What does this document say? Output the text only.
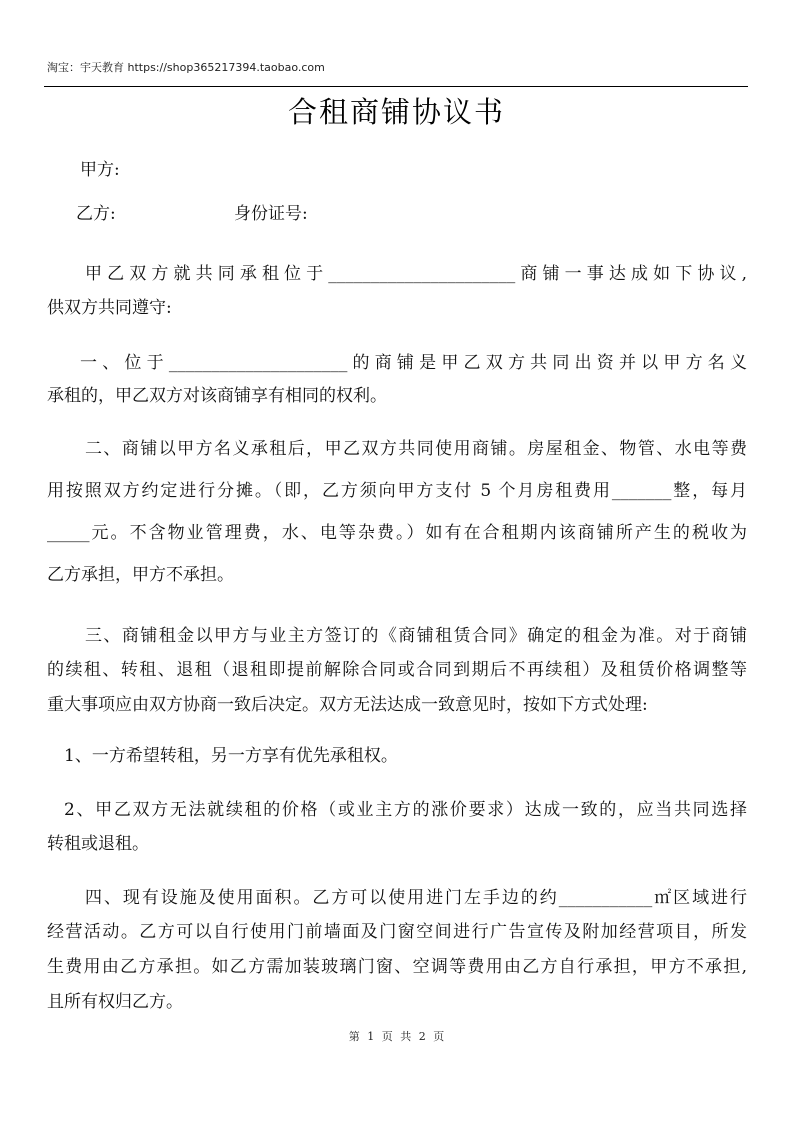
淘宝：宇天教育 https://shop365217394.taobao.com
合租商铺协议书
甲方:
乙方:	身份证号:
甲乙双方就共同承租位于______________________商铺一事达成如下协议,
供双方共同遵守:
一、位于_____________________的商铺是甲乙双方共同出资并以甲方名义
承租的，甲乙双方对该商铺享有相同的权利。
二、商铺以甲方名义承租后，甲乙双方共同使用商铺。房屋租金、物管、水电等费
用按照双方约定进行分摊。（即，乙方须向甲方支付 5 个月房租费用_______整，每月
_____元。不含物业管理费，水、电等杂费。）如有在合租期内该商铺所产生的税收为
乙方承担，甲方不承担。
三、商铺租金以甲方与业主方签订的《商铺租赁合同》确定的租金为准。对于商铺
的续租、转租、退租（退租即提前解除合同或合同到期后不再续租）及租赁价格调整等
重大事项应由双方协商一致后决定。双方无法达成一致意见时，按如下方式处理:
1、一方希望转租，另一方享有优先承租权。
2、甲乙双方无法就续租的价格（或业主方的涨价要求）达成一致的，应当共同选择
转租或退租。
四、现有设施及使用面积。乙方可以使用进门左手边的约___________㎡区域进行
经营活动。乙方可以自行使用门前墙面及门窗空间进行广告宣传及附加经营项目，所发
生费用由乙方承担。如乙方需加装玻璃门窗、空调等费用由乙方自行承担，甲方不承担,
且所有权归乙方。
第 1 页 共 2 页
